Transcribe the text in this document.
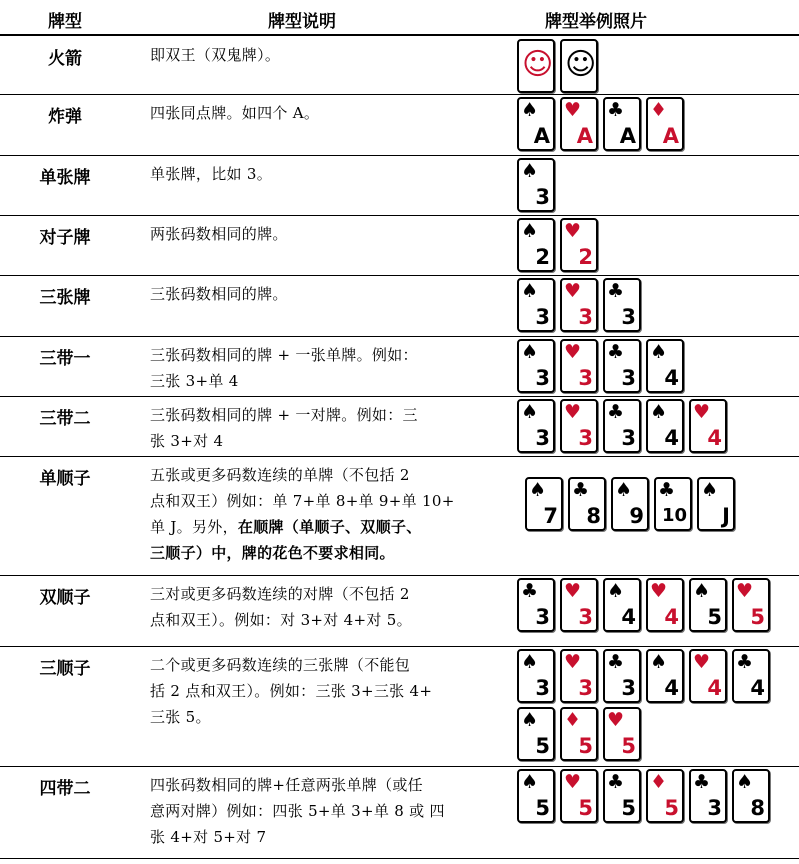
牌型	牌型说明	牌型举例照片
火箭	即双王（双鬼牌）。	☺ ☺
炸弹	四张同点牌。如四个 A。	♠
A
♥
A
♣
A
♦
A
单张牌	单张牌，比如 3。	♠
3
对子牌	两张码数相同的牌。	♠
2
♥
2
三张牌	三张码数相同的牌。	♠
3
♥
3
♣
3
三带一	三张码数相同的牌 + 一张单牌。例如：
三张 3+单 4
♠
3
♥
3
♣
3
♠
4
三带二	三张码数相同的牌 + 一对牌。例如：三
张 3+对 4
♠
3
♥
3
♣
3
♠
4
♥
4
单顺子	五张或更多码数连续的单牌（不包括 2
点和双王）例如：单 7+单 8+单 9+单 10+
单 J。另外，在顺牌（单顺子、双顺子、
三顺子）中，牌的花色不要求相同。
♠
7
♣
8
♠
9
♣
10
♠
J
双顺子	三对或更多码数连续的对牌（不包括 2
点和双王）。例如：对 3+对 4+对 5。
♣
3
♥
3
♠
4
♥
4
♠
5
♥
5
三顺子	二个或更多码数连续的三张牌（不能包
括 2 点和双王）。例如：三张 3+三张 4+
三张 5。
♠
3
♥
3
♣
3
♠
4
♥
4
♣
4
♠
5
♦
5
♥
5
四带二	四张码数相同的牌+任意两张单牌（或任
意两对牌）例如：四张 5+单 3+单 8 或 四
张 4+对 5+对 7
♠
5
♥
5
♣
5
♦
5
♣
3
♠
8
